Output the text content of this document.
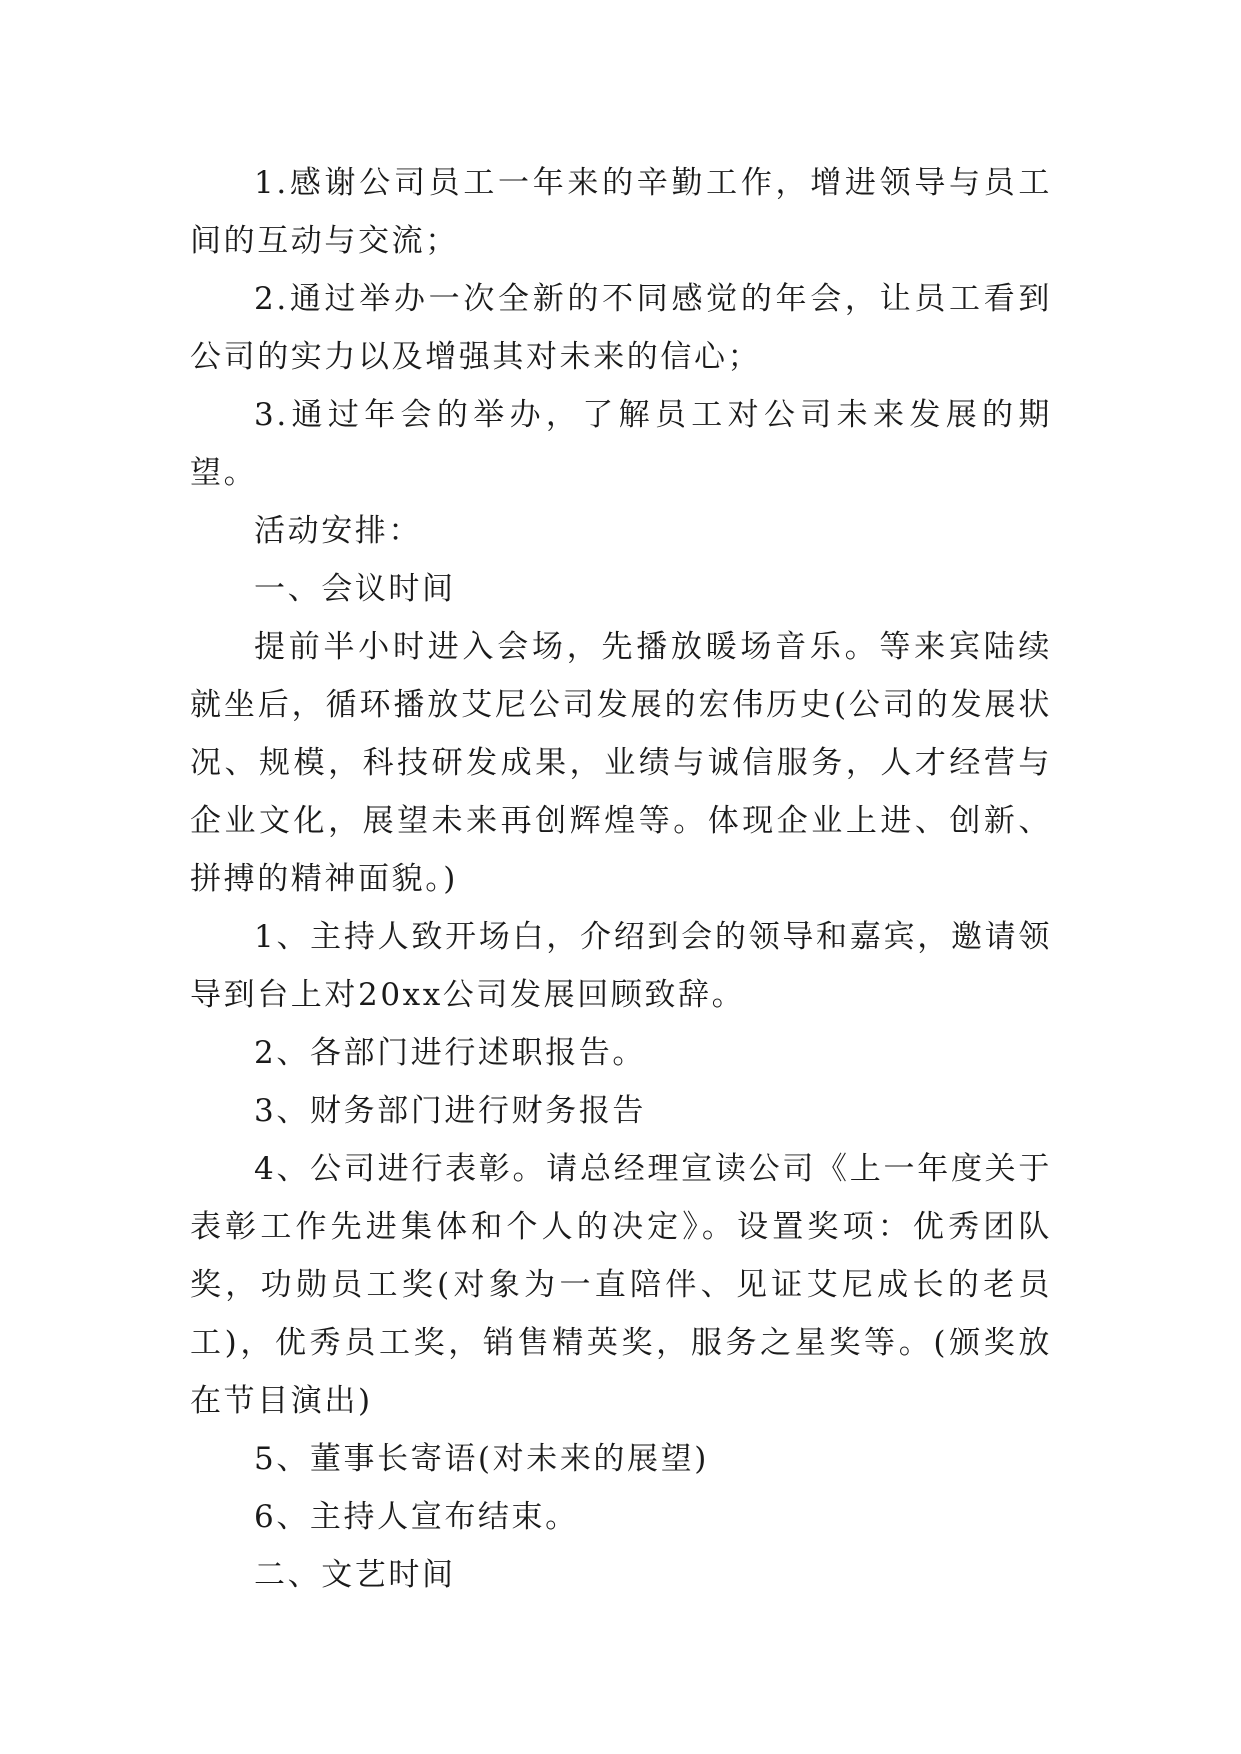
1.感谢公司员工一年来的辛勤工作，增进领导与员工间的互动与交流；

2.通过举办一次全新的不同感觉的年会，让员工看到公司的实力以及增强其对未来的信心；

3.通过年会的举办，了解员工对公司未来发展的期望。

活动安排：

一、会议时间

提前半小时进入会场，先播放暖场音乐。等来宾陆续就坐后，循环播放艾尼公司发展的宏伟历史(公司的发展状况、规模，科技研发成果，业绩与诚信服务，人才经营与企业文化，展望未来再创辉煌等。体现企业上进、创新、拼搏的精神面貌。)

1、主持人致开场白，介绍到会的领导和嘉宾，邀请领导到台上对20xx公司发展回顾致辞。

2、各部门进行述职报告。

3、财务部门进行财务报告

4、公司进行表彰。请总经理宣读公司《上一年度关于表彰工作先进集体和个人的决定》。设置奖项：优秀团队奖，功勋员工奖(对象为一直陪伴、见证艾尼成长的老员工)，优秀员工奖，销售精英奖，服务之星奖等。(颁奖放在节目演出)

5、董事长寄语(对未来的展望)

6、主持人宣布结束。

二、文艺时间
